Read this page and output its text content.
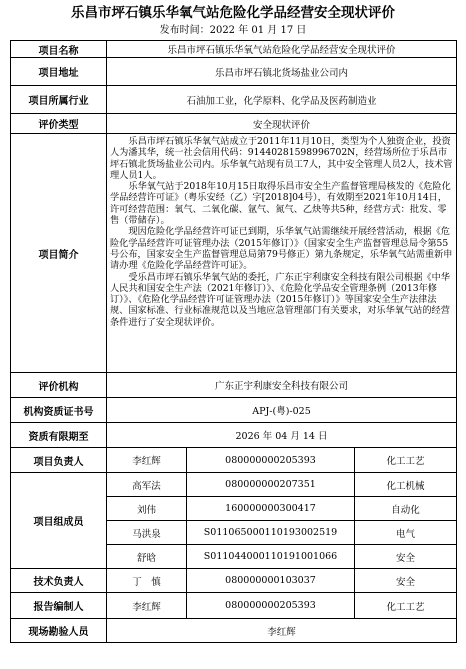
乐昌市坪石镇乐华氧气站危险化学品经营安全现状评价
发布时间：2022 年 01 月 17 日
项目名称	乐昌市坪石镇乐华氧气站危险化学品经营安全现状评价		
项目地址	乐昌市坪石镇北货场盐业公司内		
项目所属行业	石油加工业，化学原料、化学品及医药制造业		
评价类型	安全现状评价		
项目简介	乐昌市坪石镇乐华氧气站成立于2011年11月10日，类型为个人独资企业，投资人为潘其华，统一社会信用代码：91440281598996702N，经营场所位于乐昌市坪石镇北货场盐业公司内。乐华氧气站现有员工7人，其中安全管理人员2人，技术管理人员1人。

乐华氧气站于2018年10月15日取得乐昌市安全生产监督管理局核发的《危险化学品经营许可证》（粤乐安经（乙）字[2018]04号），有效期至2021年10月14日，许可经营范围：氧气、二氧化碳、氩气、氮气、乙炔等共5种，经营方式：批发、零售（带储存）。

现因危险化学品经营许可证已到期，乐华氧气站需继续开展经营活动，根据《危险化学品经营许可证管理办法（2015年修订）》（国家安全生产监督管理总局令第55号公布，国家安全生产监督管理总局第79号修正）第九条规定，乐华氧气站需重新申请办理《危险化学品经营许可证》。

受乐昌市坪石镇乐华氧气站的委托，广东正宇利康安全科技有限公司根据《中华人民共和国安全生产法（2021年修订）》、《危险化学品安全管理条例（2013年修订）》、《危险化学品经营许可证管理办法（2015年修订）》等国家安全生产法律法规、国家标准、行业标准规范以及当地应急管理部门有关要求，对乐华氧气站的经营条件进行了安全现状评价。		

评价机构	广东正宇利康安全科技有限公司		
机构资质证书号	APJ-(粤)-025		
资质有限期至	2026 年 04 月 14 日		
项目负责人	李红辉	080000000205393	化工工艺
项目组成员	高军法	080000000207351	化工机械
	刘伟	160000000300417	自动化
	马洪泉	S011065000110193002519	电气
	舒晗	S011044000110191001066	安全
技术负责人	丁　慎	080000000103037	安全
报告编制人	李红辉	080000000205393	化工工艺
现场勘验人员	李红辉		
